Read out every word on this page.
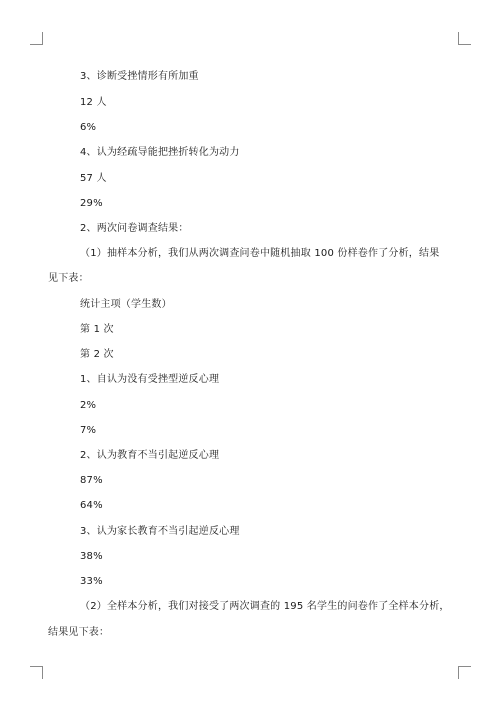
3、诊断受挫情形有所加重
12 人
6%
4、认为经疏导能把挫折转化为动力
57 人
29%
2、两次问卷调查结果：
（1）抽样本分析，我们从两次调查问卷中随机抽取 100 份样卷作了分析，结果
见下表：
统计主项（学生数）
第 1 次
第 2 次
1、自认为没有受挫型逆反心理
2%
7%
2、认为教育不当引起逆反心理
87%
64%
3、认为家长教育不当引起逆反心理
38%
33%
（2）全样本分析，我们对接受了两次调查的 195 名学生的问卷作了全样本分析，
结果见下表：
